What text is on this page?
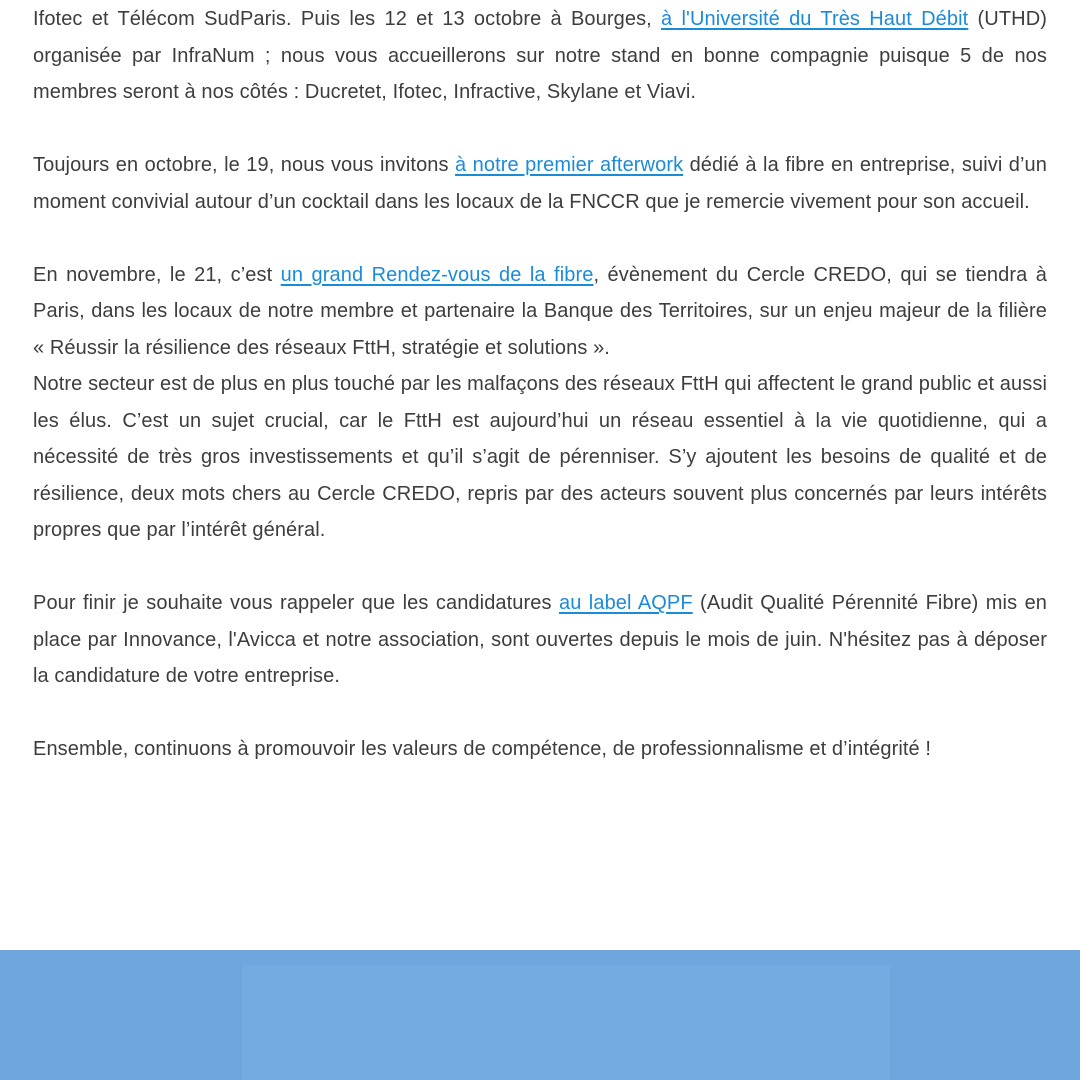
Ifotec et Télécom SudParis. Puis les 12 et 13 octobre à Bourges, à l'Université du Très Haut Débit (UTHD) organisée par InfraNum ; nous vous accueillerons sur notre stand en bonne compagnie puisque 5 de nos membres seront à nos côtés : Ducretet, Ifotec, Infractive, Skylane et Viavi.

Toujours en octobre, le 19, nous vous invitons à notre premier afterwork dédié à la fibre en entreprise, suivi d’un moment convivial autour d’un cocktail dans les locaux de la FNCCR que je remercie vivement pour son accueil.

En novembre, le 21, c’est un grand Rendez-vous de la fibre, évènement du Cercle CREDO, qui se tiendra à Paris, dans les locaux de notre membre et partenaire la Banque des Territoires, sur un enjeu majeur de la filière « Réussir la résilience des réseaux FttH, stratégie et solutions ».

Notre secteur est de plus en plus touché par les malfaçons des réseaux FttH qui affectent le grand public et aussi les élus. C’est un sujet crucial, car le FttH est aujourd’hui un réseau essentiel à la vie quotidienne, qui a nécessité de très gros investissements et qu’il s’agit de pérenniser. S’y ajoutent les besoins de qualité et de résilience, deux mots chers au Cercle CREDO, repris par des acteurs souvent plus concernés par leurs intérêts propres que par l’intérêt général.

Pour finir je souhaite vous rappeler que les candidatures au label AQPF (Audit Qualité Pérennité Fibre) mis en place par Innovance, l'Avicca et notre association, sont ouvertes depuis le mois de juin. N'hésitez pas à déposer la candidature de votre entreprise.

Ensemble, continuons à promouvoir les valeurs de compétence, de professionnalisme et d’intégrité !
